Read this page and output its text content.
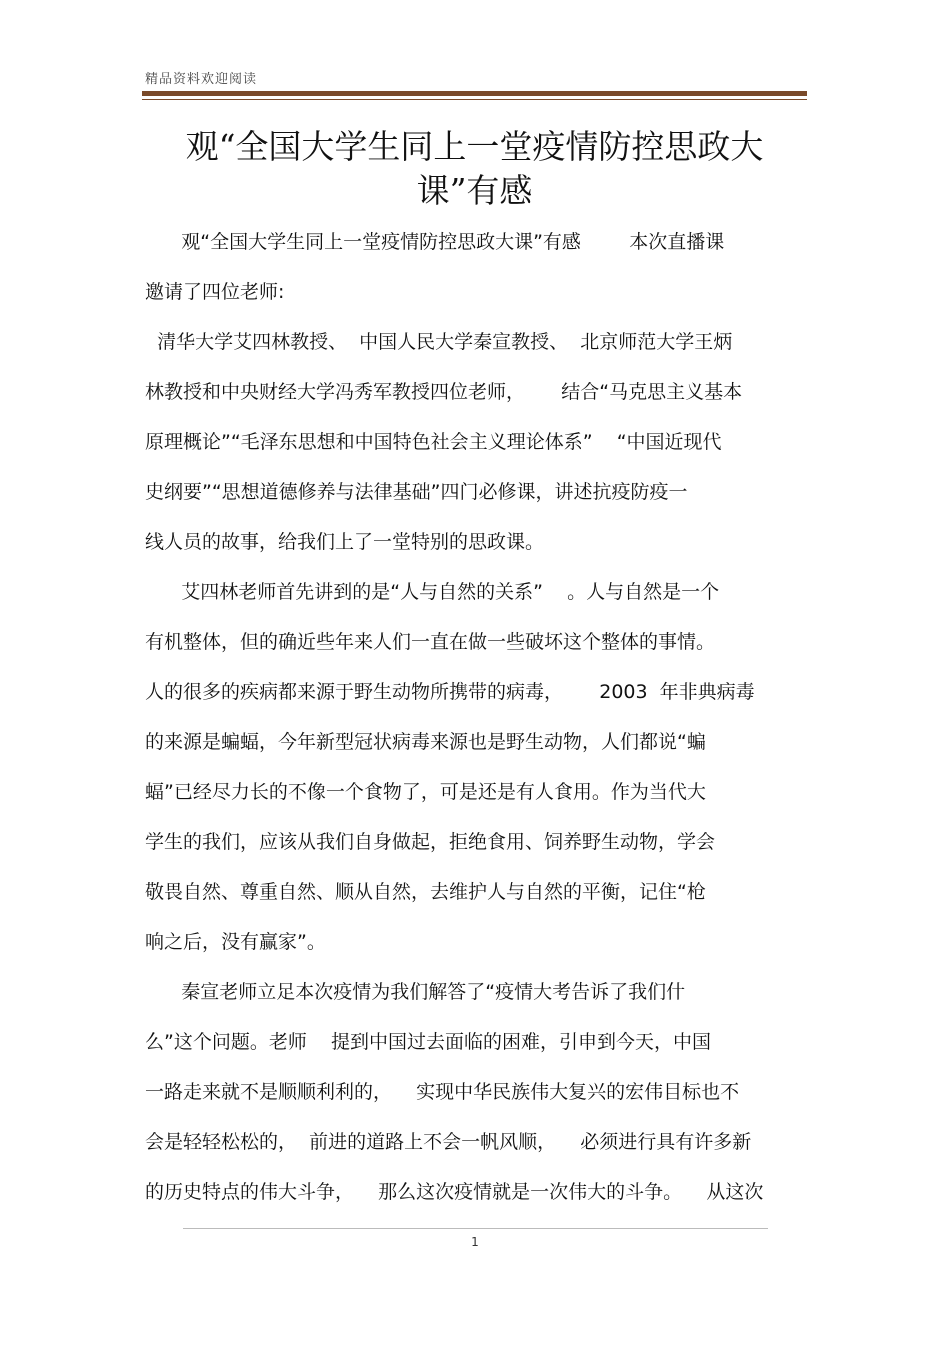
精品资料欢迎阅读
观“全国大学生同上一堂疫情防控思政大
课”有感
观“全国大学生同上一堂疫情防控思政大课”有感        本次直播课
邀请了四位老师:
清华大学艾四林教授、  中国人民大学秦宣教授、  北京师范大学王炳
林教授和中央财经大学冯秀军教授四位老师，      结合“马克思主义基本
原理概论”“毛泽东思想和中国特色社会主义理论体系”    “中国近现代
史纲要”“思想道德修养与法律基础”四门必修课，讲述抗疫防疫一
线人员的故事，给我们上了一堂特别的思政课。
艾四林老师首先讲到的是“人与自然的关系”    。人与自然是一个
有机整体，但的确近些年来人们一直在做一些破坏这个整体的事情。
人的很多的疾病都来源于野生动物所携带的病毒，      2003  年非典病毒
的来源是蝙蝠，今年新型冠状病毒来源也是野生动物，人们都说“蝙
蝠”已经尽力长的不像一个食物了，可是还是有人食用。作为当代大
学生的我们，应该从我们自身做起，拒绝食用、饲养野生动物，学会
敬畏自然、尊重自然、顺从自然，去维护人与自然的平衡，记住“枪
响之后，没有赢家”。
秦宣老师立足本次疫情为我们解答了“疫情大考告诉了我们什
么”这个问题。老师    提到中国过去面临的困难，引申到今天，中国
一路走来就不是顺顺利利的，    实现中华民族伟大复兴的宏伟目标也不
会是轻轻松松的，  前进的道路上不会一帆风顺，    必须进行具有许多新
的历史特点的伟大斗争，    那么这次疫情就是一次伟大的斗争。    从这次
1
